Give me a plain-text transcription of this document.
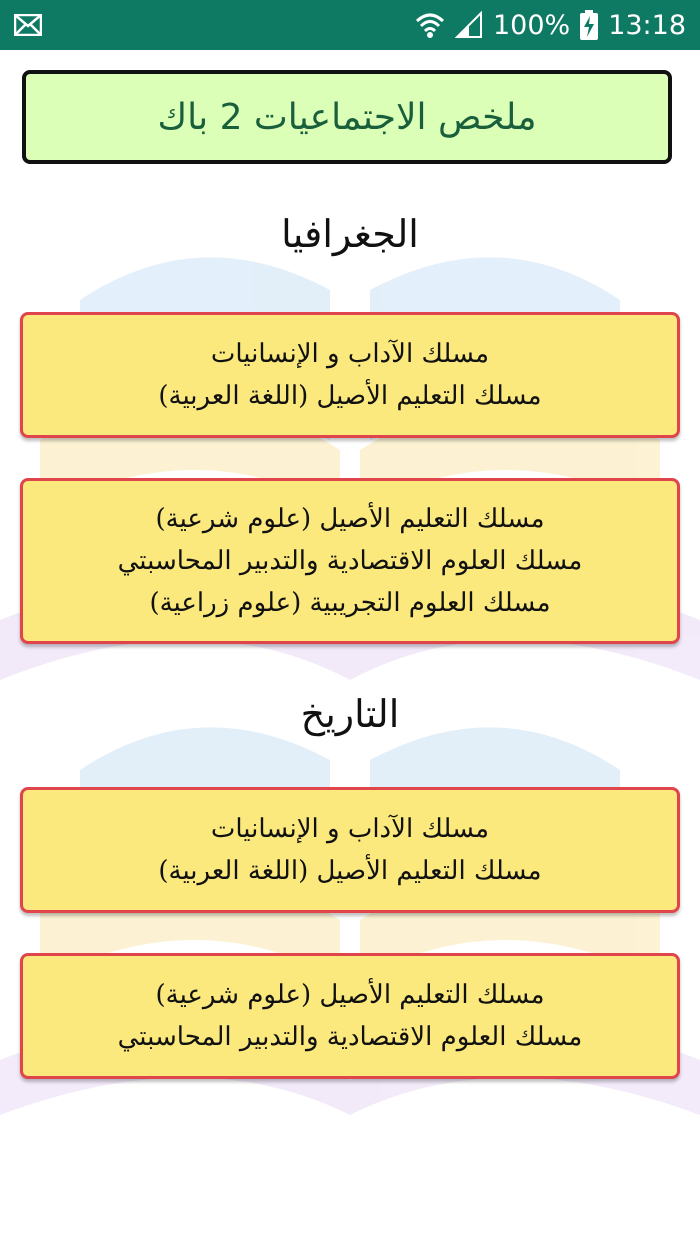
100% 13:18
ملخص الاجتماعيات 2 باك
الجغرافيا
مسلك الآداب و الإنسانيات
مسلك التعليم الأصيل (اللغة العربية)
مسلك التعليم الأصيل (علوم شرعية)
مسلك العلوم الاقتصادية والتدبير المحاسبتي
مسلك العلوم التجريبية (علوم زراعية)
التاريخ
مسلك الآداب و الإنسانيات
مسلك التعليم الأصيل (اللغة العربية)
مسلك التعليم الأصيل (علوم شرعية)
مسلك العلوم الاقتصادية والتدبير المحاسبتي
